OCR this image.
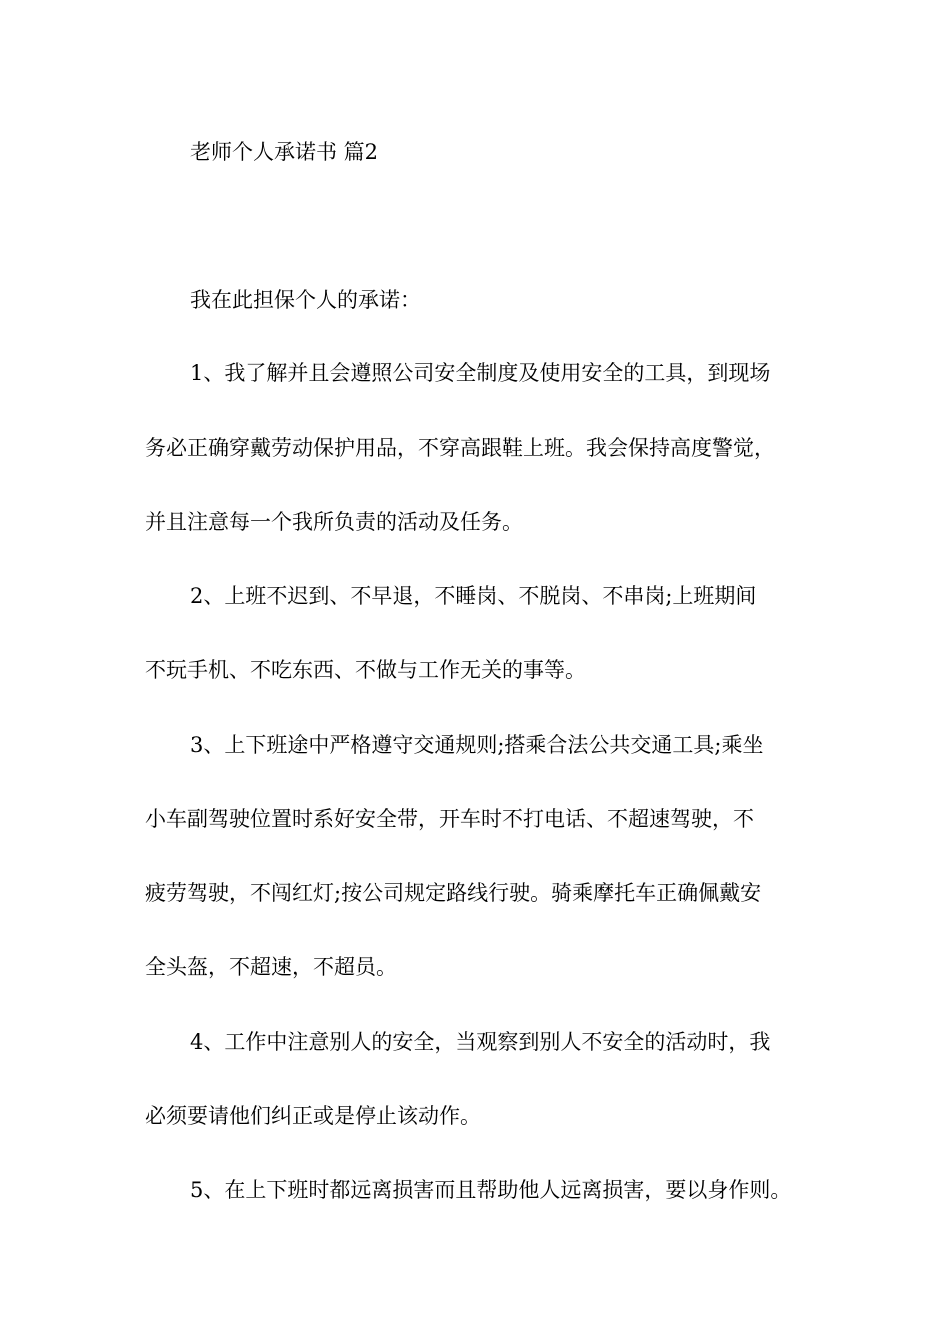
老师个人承诺书 篇2
我在此担保个人的承诺：
1、我了解并且会遵照公司安全制度及使用安全的工具，到现场
务必正确穿戴劳动保护用品，不穿高跟鞋上班。我会保持高度警觉，
并且注意每一个我所负责的活动及任务。
2、上班不迟到、不早退，不睡岗、不脱岗、不串岗;上班期间
不玩手机、不吃东西、不做与工作无关的事等。
3、上下班途中严格遵守交通规则;搭乘合法公共交通工具;乘坐
小车副驾驶位置时系好安全带，开车时不打电话、不超速驾驶，不
疲劳驾驶，不闯红灯;按公司规定路线行驶。骑乘摩托车正确佩戴安
全头盔，不超速，不超员。
4、工作中注意别人的安全，当观察到别人不安全的活动时，我
必须要请他们纠正或是停止该动作。
5、在上下班时都远离损害而且帮助他人远离损害，要以身作则。
